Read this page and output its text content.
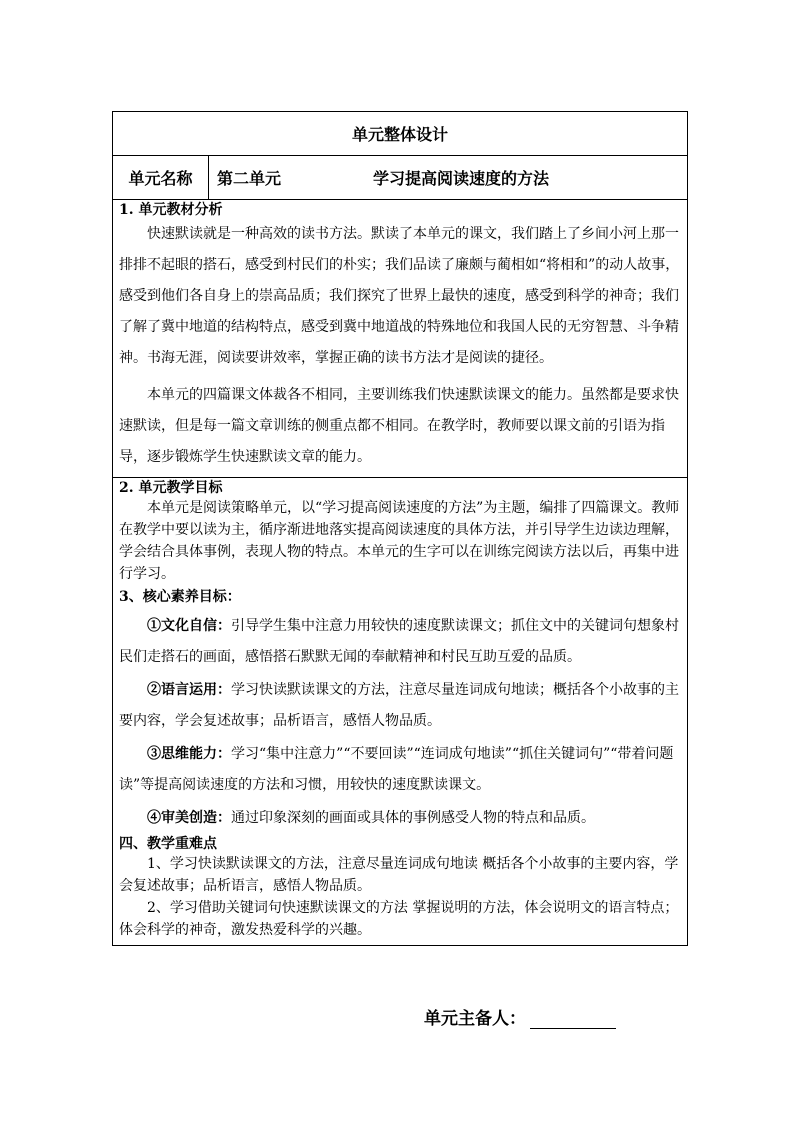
单元整体设计
单元名称	第二单元	学习提高阅读速度的方法
1. 单元教材分析

快速默读就是一种高效的读书方法。默读了本单元的课文，我们踏上了乡间小河上那一排排不起眼的搭石，感受到村民们的朴实；我们品读了廉颇与蔺相如“将相和”的动人故事，感受到他们各自身上的崇高品质；我们探究了世界上最快的速度，感受到科学的神奇；我们了解了冀中地道的结构特点，感受到冀中地道战的特殊地位和我国人民的无穷智慧、斗争精神。书海无涯，阅读要讲效率，掌握正确的读书方法才是阅读的捷径。

本单元的四篇课文体裁各不相同，主要训练我们快速默读课文的能力。虽然都是要求快速默读，但是每一篇文章训练的侧重点都不相同。在教学时，教师要以课文前的引语为指导，逐步锻炼学生快速默读文章的能力。

2. 单元教学目标

本单元是阅读策略单元，以“学习提高阅读速度的方法”为主题，编排了四篇课文。教师在教学中要以读为主，循序渐进地落实提高阅读速度的具体方法，并引导学生边读边理解，学会结合具体事例，表现人物的特点。本单元的生字可以在训练完阅读方法以后，再集中进行学习。

3、核心素养目标：

①文化自信：引导学生集中注意力用较快的速度默读课文；抓住文中的关键词句想象村民们走搭石的画面，感悟搭石默默无闻的奉献精神和村民互助互爱的品质。

②语言运用：学习快读默读课文的方法，注意尽量连词成句地读；概括各个小故事的主要内容，学会复述故事；品析语言，感悟人物品质。

③思维能力：学习“集中注意力”“不要回读”“连词成句地读”“抓住关键词句”“带着问题读”等提高阅读速度的方法和习惯，用较快的速度默读课文。

④审美创造：通过印象深刻的画面或具体的事例感受人物的特点和品质。

四、教学重难点

1、学习快读默读课文的方法，注意尽量连词成句地读 概括各个小故事的主要内容，学会复述故事；品析语言，感悟人物品质。

2、学习借助关键词句快速默读课文的方法 掌握说明的方法，体会说明文的语言特点；体会科学的神奇，激发热爱科学的兴趣。

单元主备人：
